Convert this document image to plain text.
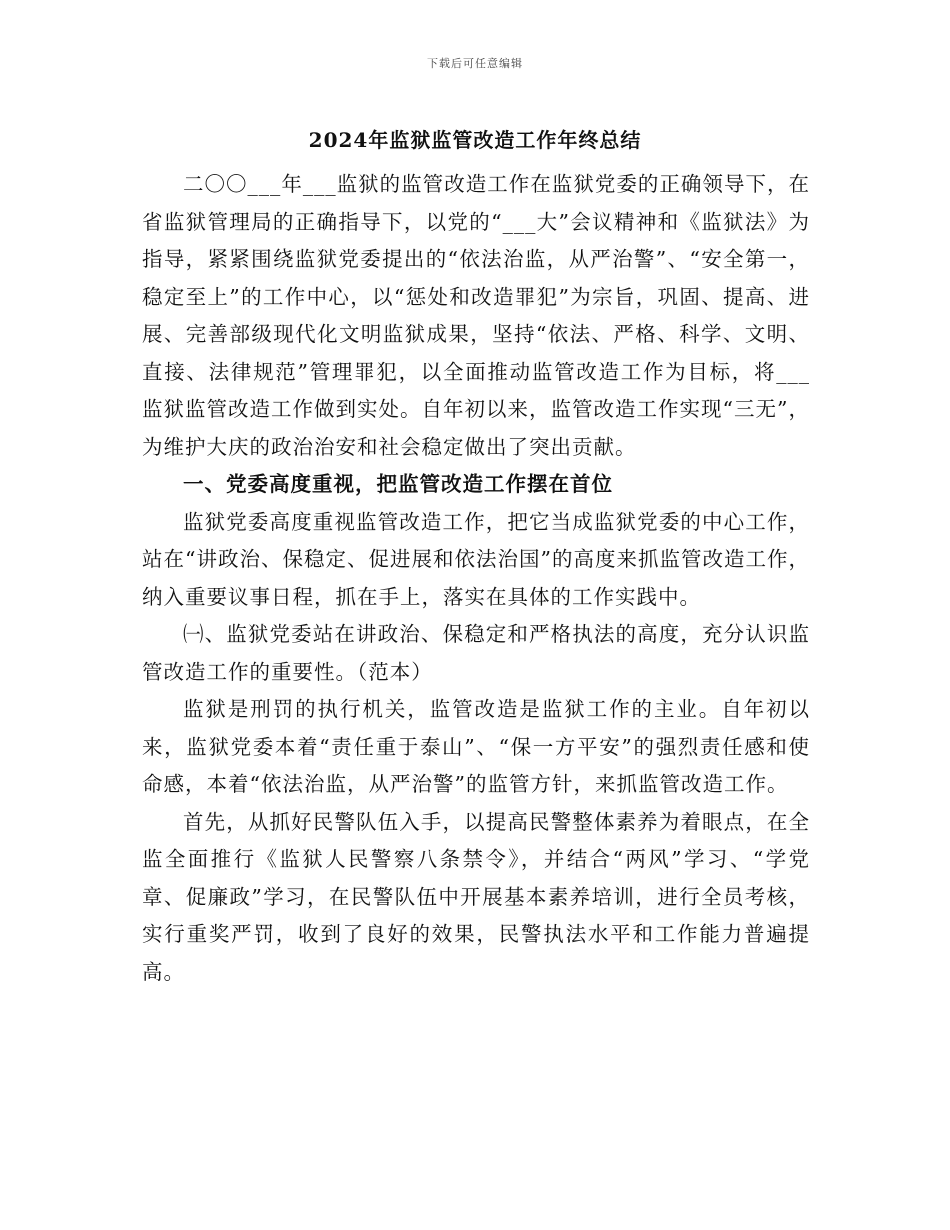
下载后可任意编辑
2024年监狱监管改造工作年终总结

二〇〇___年___监狱的监管改造工作在监狱党委的正确领导下，在省监狱管理局的正确指导下，以党的“___大”会议精神和《监狱法》为指导，紧紧围绕监狱党委提出的“依法治监，从严治警”、“安全第一，稳定至上”的工作中心，以“惩处和改造罪犯”为宗旨，巩固、提高、进展、完善部级现代化文明监狱成果，坚持“依法、严格、科学、文明、直接、法律规范”管理罪犯，以全面推动监管改造工作为目标，将___监狱监管改造工作做到实处。自年初以来，监管改造工作实现“三无”，为维护大庆的政治治安和社会稳定做出了突出贡献。

一、党委高度重视，把监管改造工作摆在首位

监狱党委高度重视监管改造工作，把它当成监狱党委的中心工作，站在“讲政治、保稳定、促进展和依法治国”的高度来抓监管改造工作，纳入重要议事日程，抓在手上，落实在具体的工作实践中。

㈠、监狱党委站在讲政治、保稳定和严格执法的高度，充分认识监管改造工作的重要性。（范本）

监狱是刑罚的执行机关，监管改造是监狱工作的主业。自年初以来，监狱党委本着“责任重于泰山”、“保一方平安”的强烈责任感和使命感，本着“依法治监，从严治警”的监管方针，来抓监管改造工作。

首先，从抓好民警队伍入手，以提高民警整体素养为着眼点，在全监全面推行《监狱人民警察八条禁令》，并结合“两风”学习、“学党章、促廉政”学习，在民警队伍中开展基本素养培训，进行全员考核，实行重奖严罚，收到了良好的效果，民警执法水平和工作能力普遍提高。
